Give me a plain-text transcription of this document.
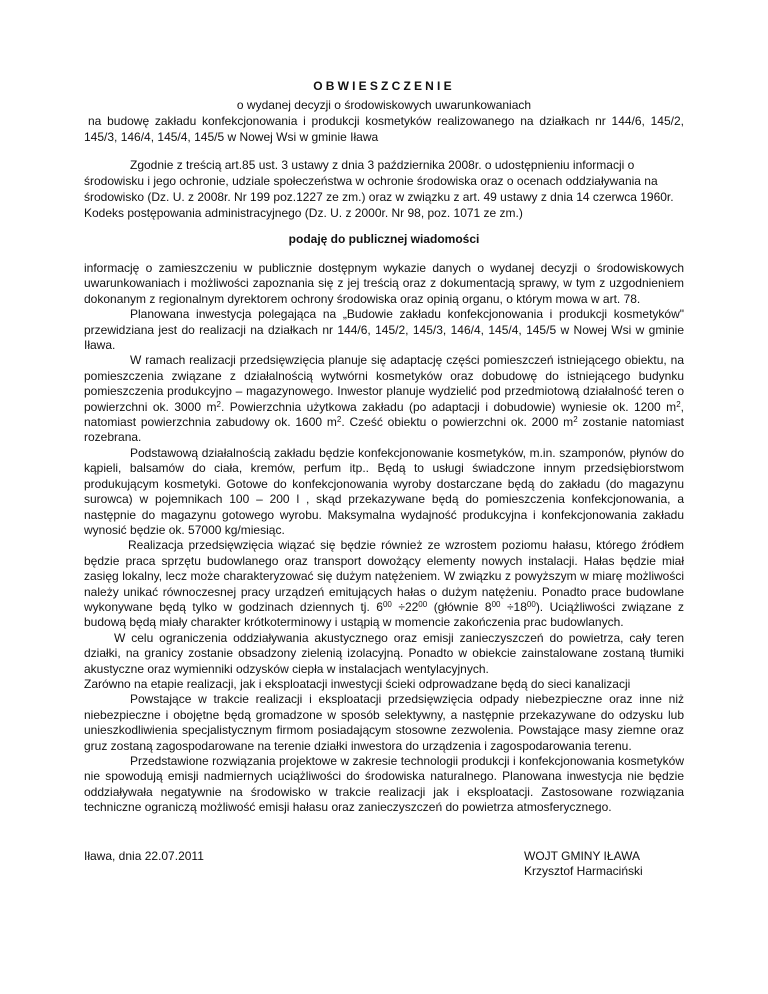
OBWIESZCZENIE
o wydanej decyzji o środowiskowych uwarunkowaniach
na budowę zakładu konfekcjonowania i produkcji kosmetyków realizowanego na działkach nr 144/6, 145/2,
145/3, 146/4, 145/4, 145/5 w Nowej Wsi w gminie Iława
Zgodnie z treścią art.85 ust. 3 ustawy z dnia 3 października 2008r. o udostępnieniu informacji o
środowisku i jego ochronie, udziale społeczeństwa w ochronie środowiska oraz o ocenach oddziaływania na
środowisko (Dz. U. z 2008r. Nr 199 poz.1227 ze zm.) oraz w związku z art. 49 ustawy z dnia 14 czerwca 1960r.
Kodeks postępowania administracyjnego (Dz. U. z 2000r. Nr 98, poz. 1071 ze zm.)
podaję do publicznej wiadomości

informację o zamieszczeniu w publicznie dostępnym wykazie danych o wydanej decyzji o środowiskowych uwarunkowaniach i możliwości zapoznania się z jej treścią oraz z dokumentacją sprawy, w tym z uzgodnieniem dokonanym z regionalnym dyrektorem ochrony środowiska oraz opinią organu, o którym mowa w art. 78.

Planowana inwestycja polegająca na „Budowie zakładu konfekcjonowania i produkcji kosmetyków" przewidziana jest do realizacji na działkach nr 144/6, 145/2, 145/3, 146/4, 145/4, 145/5 w Nowej Wsi w gminie Iława.

W ramach realizacji przedsięwzięcia planuje się adaptację części pomieszczeń istniejącego obiektu, na pomieszczenia związane z działalnością wytwórni kosmetyków oraz dobudowę do istniejącego budynku pomieszczenia produkcyjno – magazynowego. Inwestor planuje wydzielić pod przedmiotową działalność teren o powierzchni ok. 3000 $m^2$. Powierzchnia użytkowa zakładu (po adaptacji i dobudowie) wyniesie ok. 1200 $m^2$, natomiast powierzchnia zabudowy ok. 1600 $m^2$. Cześć obiektu o powierzchni ok. 2000 $m^2$ zostanie natomiast rozebrana.

Podstawową działalnością zakładu będzie konfekcjonowanie kosmetyków, m.in. szamponów, płynów do kąpieli, balsamów do ciała, kremów, perfum itp.. Będą to usługi świadczone innym przedsiębiorstwom produkującym kosmetyki. Gotowe do konfekcjonowania wyroby dostarczane będą do zakładu (do magazynu surowca) w pojemnikach 100 – 200 l , skąd przekazywane będą do pomieszczenia konfekcjonowania, a następnie do magazynu gotowego wyrobu. Maksymalna wydajność produkcyjna i konfekcjonowania zakładu wynosić będzie ok. 57000 kg/miesiąc.

Realizacja przedsięwzięcia wiązać się będzie również ze wzrostem poziomu hałasu, którego źródłem będzie praca sprzętu budowlanego oraz transport dowożący elementy nowych instalacji. Hałas będzie miał zasięg lokalny, lecz może charakteryzować się dużym natężeniem. W związku z powyższym w miarę możliwości należy unikać równoczesnej pracy urządzeń emitujących hałas o dużym natężeniu. Ponadto prace budowlane wykonywane będą tylko w godzinach dziennych tj. $6^{00} \div 22^{00}$ (głównie $8^{00} \div 18^{00}$). Uciążliwości związane z budową będą miały charakter krótkoterminowy i ustąpią w momencie zakończenia prac budowlanych.

W celu ograniczenia oddziaływania akustycznego oraz emisji zanieczyszczeń do powietrza, cały teren działki, na granicy zostanie obsadzony zielenią izolacyjną. Ponadto w obiekcie zainstalowane zostaną tłumiki akustyczne oraz wymienniki odzysków ciepła w instalacjach wentylacyjnych.

Zarówno na etapie realizacji, jak i eksploatacji inwestycji ścieki odprowadzane będą do sieci kanalizacji

Powstające w trakcie realizacji i eksploatacji przedsięwzięcia odpady niebezpieczne oraz inne niż niebezpieczne i obojętne będą gromadzone w sposób selektywny, a następnie przekazywane do odzysku lub unieszkodliwienia specjalistycznym firmom posiadającym stosowne zezwolenia. Powstające masy ziemne oraz gruz zostaną zagospodarowane na terenie działki inwestora do urządzenia i zagospodarowania terenu.

Przedstawione rozwiązania projektowe w zakresie technologii produkcji i konfekcjonowania kosmetyków nie spowodują emisji nadmiernych uciążliwości do środowiska naturalnego. Planowana inwestycja nie będzie oddziaływała negatywnie na środowisko w trakcie realizacji jak i eksploatacji. Zastosowane rozwiązania techniczne ograniczą możliwość emisji hałasu oraz zanieczyszczeń do powietrza atmosferycznego.

Iława, dnia 22.07.2011	WOJT GMINY IŁAWA
Krzysztof Harmaciński
